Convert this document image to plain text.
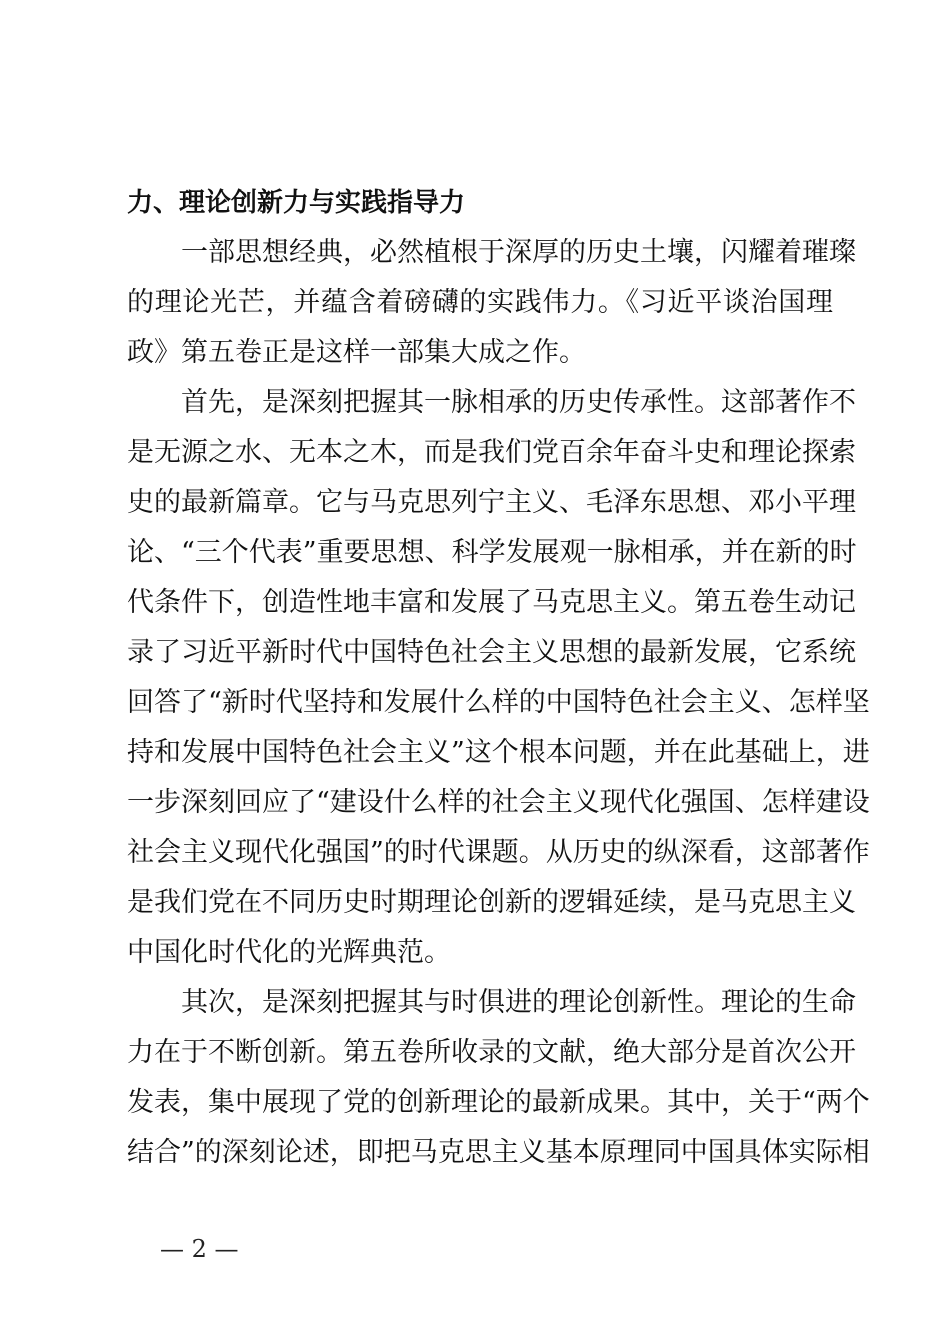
力、理论创新力与实践指导力

一部思想经典，必然植根于深厚的历史土壤，闪耀着璀璨
的理论光芒，并蕴含着磅礴的实践伟力。《习近平谈治国理
政》第五卷正是这样一部集大成之作。

首先，是深刻把握其一脉相承的历史传承性。这部著作不
是无源之水、无本之木，而是我们党百余年奋斗史和理论探索
史的最新篇章。它与马克思列宁主义、毛泽东思想、邓小平理
论、“三个代表”重要思想、科学发展观一脉相承，并在新的时
代条件下，创造性地丰富和发展了马克思主义。第五卷生动记
录了习近平新时代中国特色社会主义思想的最新发展，它系统
回答了“新时代坚持和发展什么样的中国特色社会主义、怎样坚
持和发展中国特色社会主义”这个根本问题，并在此基础上，进
一步深刻回应了“建设什么样的社会主义现代化强国、怎样建设
社会主义现代化强国”的时代课题。从历史的纵深看，这部著作
是我们党在不同历史时期理论创新的逻辑延续，是马克思主义
中国化时代化的光辉典范。

其次，是深刻把握其与时俱进的理论创新性。理论的生命
力在于不断创新。第五卷所收录的文献，绝大部分是首次公开
发表，集中展现了党的创新理论的最新成果。其中，关于“两个
结合”的深刻论述，即把马克思主义基本原理同中国具体实际相

— 2 —
